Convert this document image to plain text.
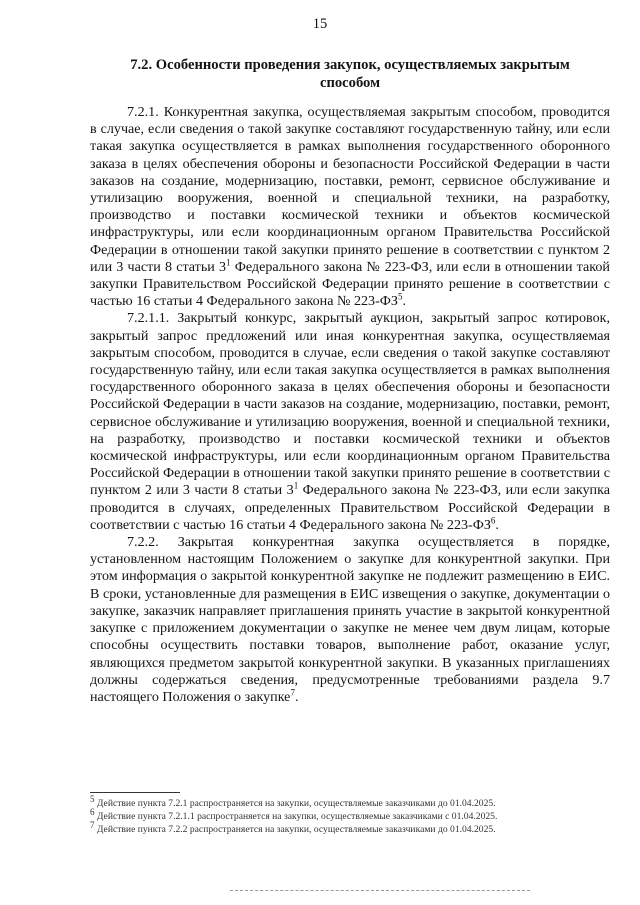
15
7.2. Особенности проведения закупок, осуществляемых закрытым
способом

7.2.1. Конкурентная закупка, осуществляемая закрытым способом, проводится в случае, если сведения о такой закупке составляют государственную тайну, или если такая закупка осуществляется в рамках выполнения государственного оборонного заказа в целях обеспечения обороны и безопасности Российской Федерации в части заказов на создание, модернизацию, поставки, ремонт, сервисное обслуживание и утилизацию вооружения, военной и специальной техники, на разработку, производство и поставки космической техники и объектов космической инфраструктуры, или если координационным органом Правительства Российской Федерации в отношении такой закупки принято решение в соответствии с пунктом 2 или 3 части 8 статьи $3^1$ Федерального закона № 223-ФЗ, или если в отношении такой закупки Правительством Российской Федерации принято решение в соответствии с частью 16 статьи 4 Федерального закона № $223-ФЗ^5$.

7.2.1.1. Закрытый конкурс, закрытый аукцион, закрытый запрос котировок, закрытый запрос предложений или иная конкурентная закупка, осуществляемая закрытым способом, проводится в случае, если сведения о такой закупке составляют государственную тайну, или если такая закупка осуществляется в рамках выполнения государственного оборонного заказа в целях обеспечения обороны и безопасности Российской Федерации в части заказов на создание, модернизацию, поставки, ремонт, сервисное обслуживание и утилизацию вооружения, военной и специальной техники, на разработку, производство и поставки космической техники и объектов космической инфраструктуры, или если координационным органом Правительства Российской Федерации в отношении такой закупки принято решение в соответствии с пунктом 2 или 3 части 8 статьи $3^1$ Федерального закона № 223-ФЗ, или если закупка проводится в случаях, определенных Правительством Российской Федерации в соответствии с частью 16 статьи 4 Федерального закона № $223-ФЗ^6$.

7.2.2. Закрытая конкурентная закупка осуществляется в порядке, установленном настоящим Положением о закупке для конкурентной закупки. При этом информация о закрытой конкурентной закупке не подлежит размещению в ЕИС. В сроки, установленные для размещения в ЕИС извещения о закупке, документации о закупке, заказчик направляет приглашения принять участие в закрытой конкурентной закупке с приложением документации о закупке не менее чем двум лицам, которые способны осуществить поставки товаров, выполнение работ, оказание услуг, являющихся предметом закрытой конкурентной закупки. В указанных приглашениях должны содержаться сведения, предусмотренные требованиями раздела 9.7 настоящего Положения о закупке$^7$.

$^5$ Действие пункта 7.2.1 распространяется на закупки, осуществляемые заказчиками до 01.04.2025.
$^6$ Действие пункта 7.2.1.1 распространяется на закупки, осуществляемые заказчиками с 01.04.2025.
$^7$ Действие пункта 7.2.2 распространяется на закупки, осуществляемые заказчиками до 01.04.2025.
